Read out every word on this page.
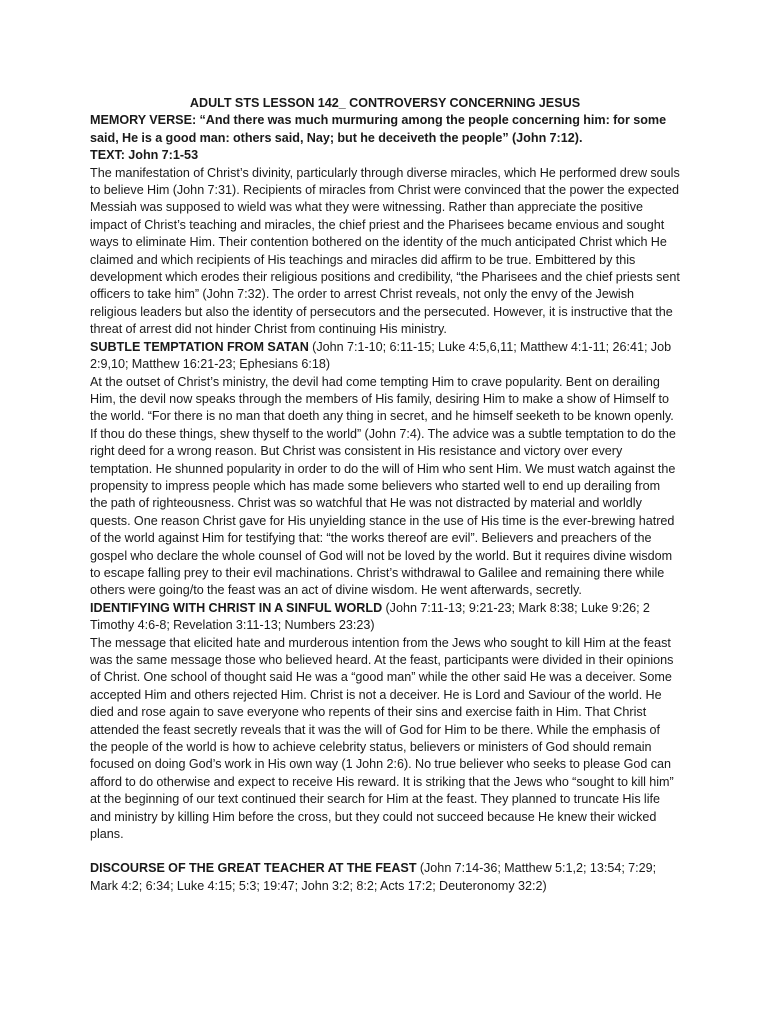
ADULT STS LESSON 142_ CONTROVERSY CONCERNING JESUS

MEMORY VERSE: “And there was much murmuring among the people concerning him: for some said, He is a good man: others said, Nay; but he deceiveth the people” (John 7:12).

TEXT: John 7:1-53

The manifestation of Christ’s divinity, particularly through diverse miracles, which He performed drew souls to believe Him (John 7:31). Recipients of miracles from Christ were convinced that the power the expected Messiah was supposed to wield was what they were witnessing. Rather than appreciate the positive impact of Christ’s teaching and miracles, the chief priest and the Pharisees became envious and sought ways to eliminate Him. Their contention bothered on the identity of the much anticipated Christ which He claimed and which recipients of His teachings and miracles did affirm to be true. Embittered by this development which erodes their religious positions and credibility, “the Pharisees and the chief priests sent officers to take him” (John 7:32). The order to arrest Christ reveals, not only the envy of the Jewish religious leaders but also the identity of persecutors and the persecuted. However, it is instructive that the threat of arrest did not hinder Christ from continuing His ministry.

SUBTLE TEMPTATION FROM SATAN (John 7:1-10; 6:11-15; Luke 4:5,6,11; Matthew 4:1-11; 26:41; Job 2:9,10; Matthew 16:21-23; Ephesians 6:18)

At the outset of Christ’s ministry, the devil had come tempting Him to crave popularity. Bent on derailing Him, the devil now speaks through the members of His family, desiring Him to make a show of Himself to the world. “For there is no man that doeth any thing in secret, and he himself seeketh to be known openly. If thou do these things, shew thyself to the world” (John 7:4). The advice was a subtle temptation to do the right deed for a wrong reason. But Christ was consistent in His resistance and victory over every temptation. He shunned popularity in order to do the will of Him who sent Him. We must watch against the propensity to impress people which has made some believers who started well to end up derailing from the path of righteousness. Christ was so watchful that He was not distracted by material and worldly quests. One reason Christ gave for His unyielding stance in the use of His time is the ever-brewing hatred of the world against Him for testifying that: “the works thereof are evil”. Believers and preachers of the gospel who declare the whole counsel of God will not be loved by the world. But it requires divine wisdom to escape falling prey to their evil machinations. Christ’s withdrawal to Galilee and remaining there while others were going/to the feast was an act of divine wisdom. He went afterwards, secretly.

IDENTIFYING WITH CHRIST IN A SINFUL WORLD (John 7:11-13; 9:21-23; Mark 8:38; Luke 9:26; 2 Timothy 4:6-8; Revelation 3:11-13; Numbers 23:23)

The message that elicited hate and murderous intention from the Jews who sought to kill Him at the feast was the same message those who believed heard. At the feast, participants were divided in their opinions of Christ. One school of thought said He was a “good man” while the other said He was a deceiver. Some accepted Him and others rejected Him. Christ is not a deceiver. He is Lord and Saviour of the world. He died and rose again to save everyone who repents of their sins and exercise faith in Him. That Christ attended the feast secretly reveals that it was the will of God for Him to be there. While the emphasis of the people of the world is how to achieve celebrity status, believers or ministers of God should remain focused on doing God’s work in His own way (1 John 2:6). No true believer who seeks to please God can afford to do otherwise and expect to receive His reward. It is striking that the Jews who “sought to kill him” at the beginning of our text continued their search for Him at the feast. They planned to truncate His life and ministry by killing Him before the cross, but they could not succeed because He knew their wicked plans.

DISCOURSE OF THE GREAT TEACHER AT THE FEAST (John 7:14-36; Matthew 5:1,2; 13:54; 7:29; Mark 4:2; 6:34; Luke 4:15; 5:3; 19:47; John 3:2; 8:2; Acts 17:2; Deuteronomy 32:2)
